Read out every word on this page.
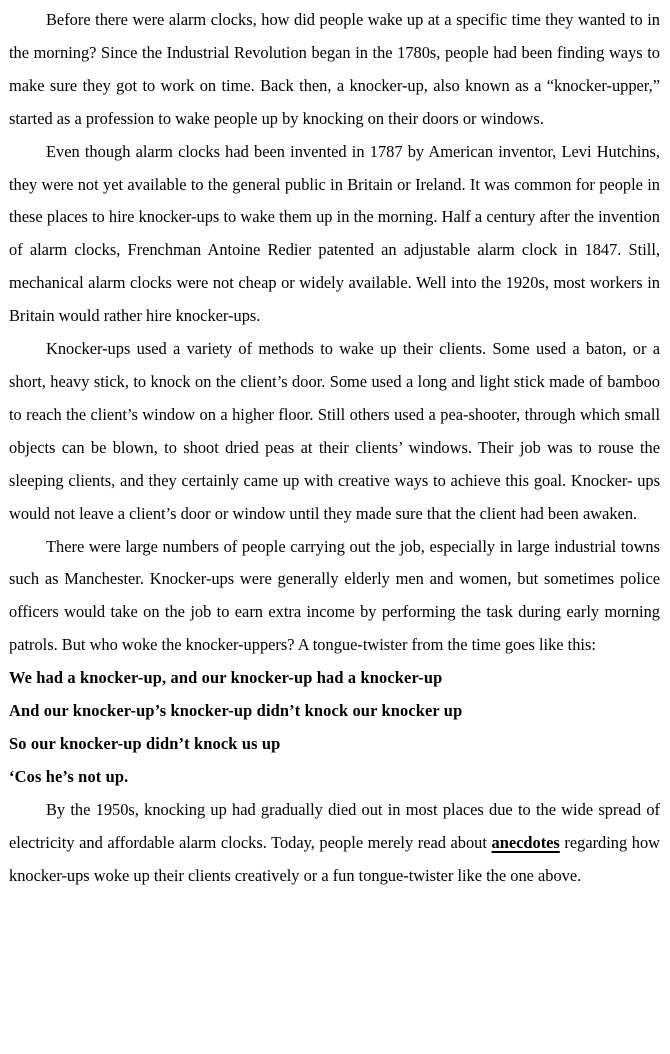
Before there were alarm clocks, how did people wake up at a specific time they wanted to in the morning? Since the Industrial Revolution began in the 1780s, people had been finding ways to make sure they got to work on time. Back then, a knocker-up, also known as a “knocker-upper,” started as a profession to wake people up by knocking on their doors or windows.

Even though alarm clocks had been invented in 1787 by American inventor, Levi Hutchins, they were not yet available to the general public in Britain or Ireland. It was common for people in these places to hire knocker-ups to wake them up in the morning. Half a century after the invention of alarm clocks, Frenchman Antoine Redier patented an adjustable alarm clock in 1847. Still, mechanical alarm clocks were not cheap or widely available. Well into the 1920s, most workers in Britain would rather hire knocker-ups.

Knocker-ups used a variety of methods to wake up their clients. Some used a baton, or a short, heavy stick, to knock on the client’s door. Some used a long and light stick made of bamboo to reach the client’s window on a higher floor. Still others used a pea-shooter, through which small objects can be blown, to shoot dried peas at their clients’ windows. Their job was to rouse the sleeping clients, and they certainly came up with creative ways to achieve this goal. Knocker- ups would not leave a client’s door or window until they made sure that the client had been awaken.

There were large numbers of people carrying out the job, especially in large industrial towns such as Manchester. Knocker-ups were generally elderly men and women, but sometimes police officers would take on the job to earn extra income by performing the task during early morning patrols. But who woke the knocker-uppers? A tongue-twister from the time goes like this:

We had a knocker-up, and our knocker-up had a knocker-up

And our knocker-up’s knocker-up didn’t knock our knocker up

So our knocker-up didn’t knock us up

‘Cos he’s not up.

By the 1950s, knocking up had gradually died out in most places due to the wide spread of electricity and affordable alarm clocks. Today, people merely read about anecdotes regarding how knocker-ups woke up their clients creatively or a fun tongue-twister like the one above.
